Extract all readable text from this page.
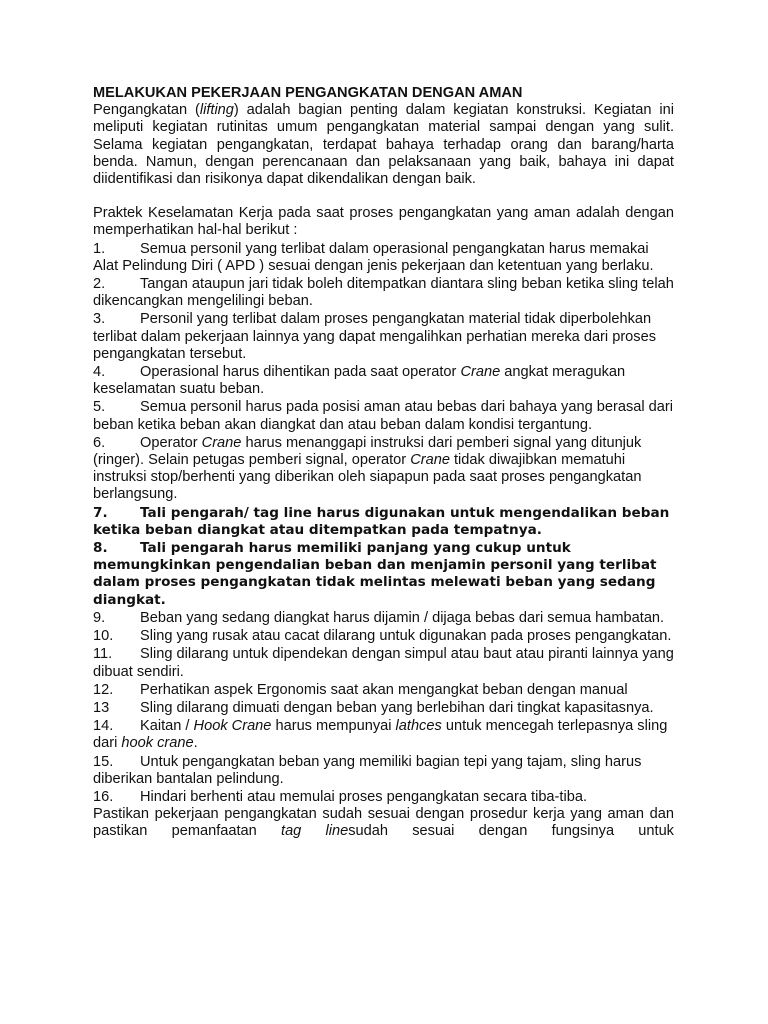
MELAKUKAN PEKERJAAN PENGANGKATAN DENGAN AMAN
Pengangkatan (lifting) adalah bagian penting dalam kegiatan konstruksi. Kegiatan ini meliputi kegiatan rutinitas umum pengangkatan material sampai dengan yang sulit. Selama kegiatan pengangkatan, terdapat bahaya terhadap orang dan barang/harta benda. Namun, dengan perencanaan dan pelaksanaan yang baik, bahaya ini dapat diidentifikasi dan risikonya dapat dikendalikan dengan baik.
Praktek Keselamatan Kerja pada saat proses pengangkatan yang aman adalah dengan memperhatikan hal-hal berikut :
1. Semua personil yang terlibat dalam operasional pengangkatan harus memakai Alat Pelindung Diri ( APD ) sesuai dengan jenis pekerjaan dan ketentuan yang berlaku.
2. Tangan ataupun jari tidak boleh ditempatkan diantara sling beban ketika sling telah dikencangkan mengelilingi beban.
3. Personil yang terlibat dalam proses pengangkatan material tidak diperbolehkan terlibat dalam pekerjaan lainnya yang dapat mengalihkan perhatian mereka dari proses pengangkatan tersebut.
4. Operasional harus dihentikan pada saat operator Crane angkat meragukan keselamatan suatu beban.
5. Semua personil harus pada posisi aman atau bebas dari bahaya yang berasal dari beban ketika beban akan diangkat dan atau beban dalam kondisi tergantung.
6. Operator Crane harus menanggapi instruksi dari pemberi signal yang ditunjuk (ringer). Selain petugas pemberi signal, operator Crane tidak diwajibkan mematuhi instruksi stop/berhenti yang diberikan oleh siapapun pada saat proses pengangkatan berlangsung.
7. Tali pengarah/ tag line harus digunakan untuk mengendalikan beban ketika beban diangkat atau ditempatkan pada tempatnya.
8. Tali pengarah harus memiliki panjang yang cukup untuk memungkinkan pengendalian beban dan menjamin personil yang terlibat dalam proses pengangkatan tidak melintas melewati beban yang sedang diangkat.
9. Beban yang sedang diangkat harus dijamin / dijaga bebas dari semua hambatan.
10. Sling yang rusak atau cacat dilarang untuk digunakan pada proses pengangkatan.
11. Sling dilarang untuk dipendekan dengan simpul atau baut atau piranti lainnya yang dibuat sendiri.
12. Perhatikan aspek Ergonomis saat akan mengangkat beban dengan manual
13 Sling dilarang dimuati dengan beban yang berlebihan dari tingkat kapasitasnya.
14. Kaitan / Hook Crane harus mempunyai lathces untuk mencegah terlepasnya sling dari hook crane.
15. Untuk pengangkatan beban yang memiliki bagian tepi yang tajam, sling harus diberikan bantalan pelindung.
16. Hindari berhenti atau memulai proses pengangkatan secara tiba-tiba.
Pastikan pekerjaan pengangkatan sudah sesuai dengan prosedur kerja yang aman dan pastikan pemanfaatan tag linesudah sesuai dengan fungsinya untuk
